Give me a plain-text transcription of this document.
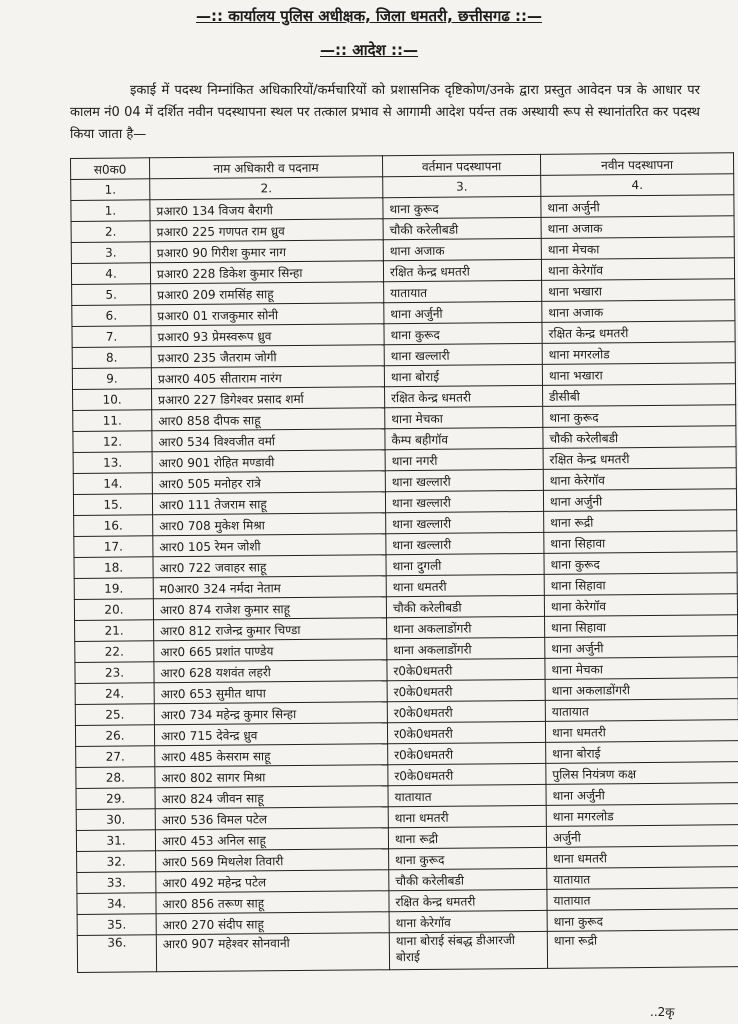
—:: कार्यालय पुलिस अधीक्षक, जिला धमतरी, छत्तीसगढ ::—
—:: आदेश ::—
इकाई में पदस्थ निम्नांकित अधिकारियों/कर्मचारियों को प्रशासनिक दृष्टिकोण/उनके द्वारा प्रस्तुत आवेदन पत्र के आधार पर कालम नं0 04 में दर्शित नवीन पदस्थापना स्थल पर तत्काल प्रभाव से आगामी आदेश पर्यन्त तक अस्थायी रूप से स्थानांतरित कर पदस्थ किया जाता है—
स0क0	नाम अधिकारी व पदनाम	वर्तमान पदस्थापना	नवीन पदस्थापना
1.	2.	3.	4.
1.	प्रआर0 134 विजय बैरागी	थाना कुरूद	थाना अर्जुनी
2.	प्रआर0 225 गणपत राम ध्रुव	चौकी करेलीबडी	थाना अजाक
3.	प्रआर0 90 गिरीश कुमार नाग	थाना अजाक	थाना मेचका
4.	प्रआर0 228 डिकेश कुमार सिन्हा	रक्षित केन्द्र धमतरी	थाना केरेगॉव
5.	प्रआर0 209 रामसिंह साहू	यातायात	थाना भखारा
6.	प्रआर0 01 राजकुमार सोनी	थाना अर्जुनी	थाना अजाक
7.	प्रआर0 93 प्रेमस्वरूप ध्रुव	थाना कुरूद	रक्षित केन्द्र धमतरी
8.	प्रआर0 235 जैतराम जोगी	थाना खल्लारी	थाना मगरलोड
9.	प्रआर0 405 सीताराम नारंग	थाना बोराई	थाना भखारा
10.	प्रआर0 227 डिगेश्वर प्रसाद शर्मा	रक्षित केन्द्र धमतरी	डीसीबी
11.	आर0 858 दीपक साहू	थाना मेचका	थाना कुरूद
12.	आर0 534 विश्वजीत वर्मा	कैम्प बहीगॉव	चौकी करेलीबडी
13.	आर0 901 रोहित मण्डावी	थाना नगरी	रक्षित केन्द्र धमतरी
14.	आर0 505 मनोहर रात्रे	थाना खल्लारी	थाना केरेगॉव
15.	आर0 111 तेजराम साहू	थाना खल्लारी	थाना अर्जुनी
16.	आर0 708 मुकेश मिश्रा	थाना खल्लारी	थाना रूद्री
17.	आर0 105 रेमन जोशी	थाना खल्लारी	थाना सिहावा
18.	आर0 722 जवाहर साहू	थाना दुगली	थाना कुरूद
19.	म0आर0 324 नर्मदा नेताम	थाना धमतरी	थाना सिहावा
20.	आर0 874 राजेश कुमार साहू	चौकी करेलीबडी	थाना केरेगॉव
21.	आर0 812 राजेन्द्र कुमार चिण्डा	थाना अकलाडोंगरी	थाना सिहावा
22.	आर0 665 प्रशांत पाण्डेय	थाना अकलाडोंगरी	थाना अर्जुनी
23.	आर0 628 यशवंत लहरी	र0के0धमतरी	थाना मेचका
24.	आर0 653 सुमीत थापा	र0के0धमतरी	थाना अकलाडोंगरी
25.	आर0 734 महेन्द्र कुमार सिन्हा	र0के0धमतरी	यातायात
26.	आर0 715 देवेन्द्र ध्रुव	र0के0धमतरी	थाना धमतरी
27.	आर0 485 केसराम साहू	र0के0धमतरी	थाना बोराई
28.	आर0 802 सागर मिश्रा	र0के0धमतरी	पुलिस नियंत्रण कक्ष
29.	आर0 824 जीवन साहू	यातायात	थाना अर्जुनी
30.	आर0 536 विमल पटेल	थाना धमतरी	थाना मगरलोड
31.	आर0 453 अनिल साहू	थाना रूद्री	अर्जुनी
32.	आर0 569 मिथलेश तिवारी	थाना कुरूद	थाना धमतरी
33.	आर0 492 महेन्द्र पटेल	चौकी करेलीबडी	यातायात
34.	आर0 856 तरूण साहू	रक्षित केन्द्र धमतरी	यातायात
35.	आर0 270 संदीप साहू	थाना केरेगॉव	थाना कुरूद
36.	आर0 907 महेश्वर सोनवानी	थाना बोराई संबद्ध डीआरजी बोराई	थाना रूद्री
..2कृ
